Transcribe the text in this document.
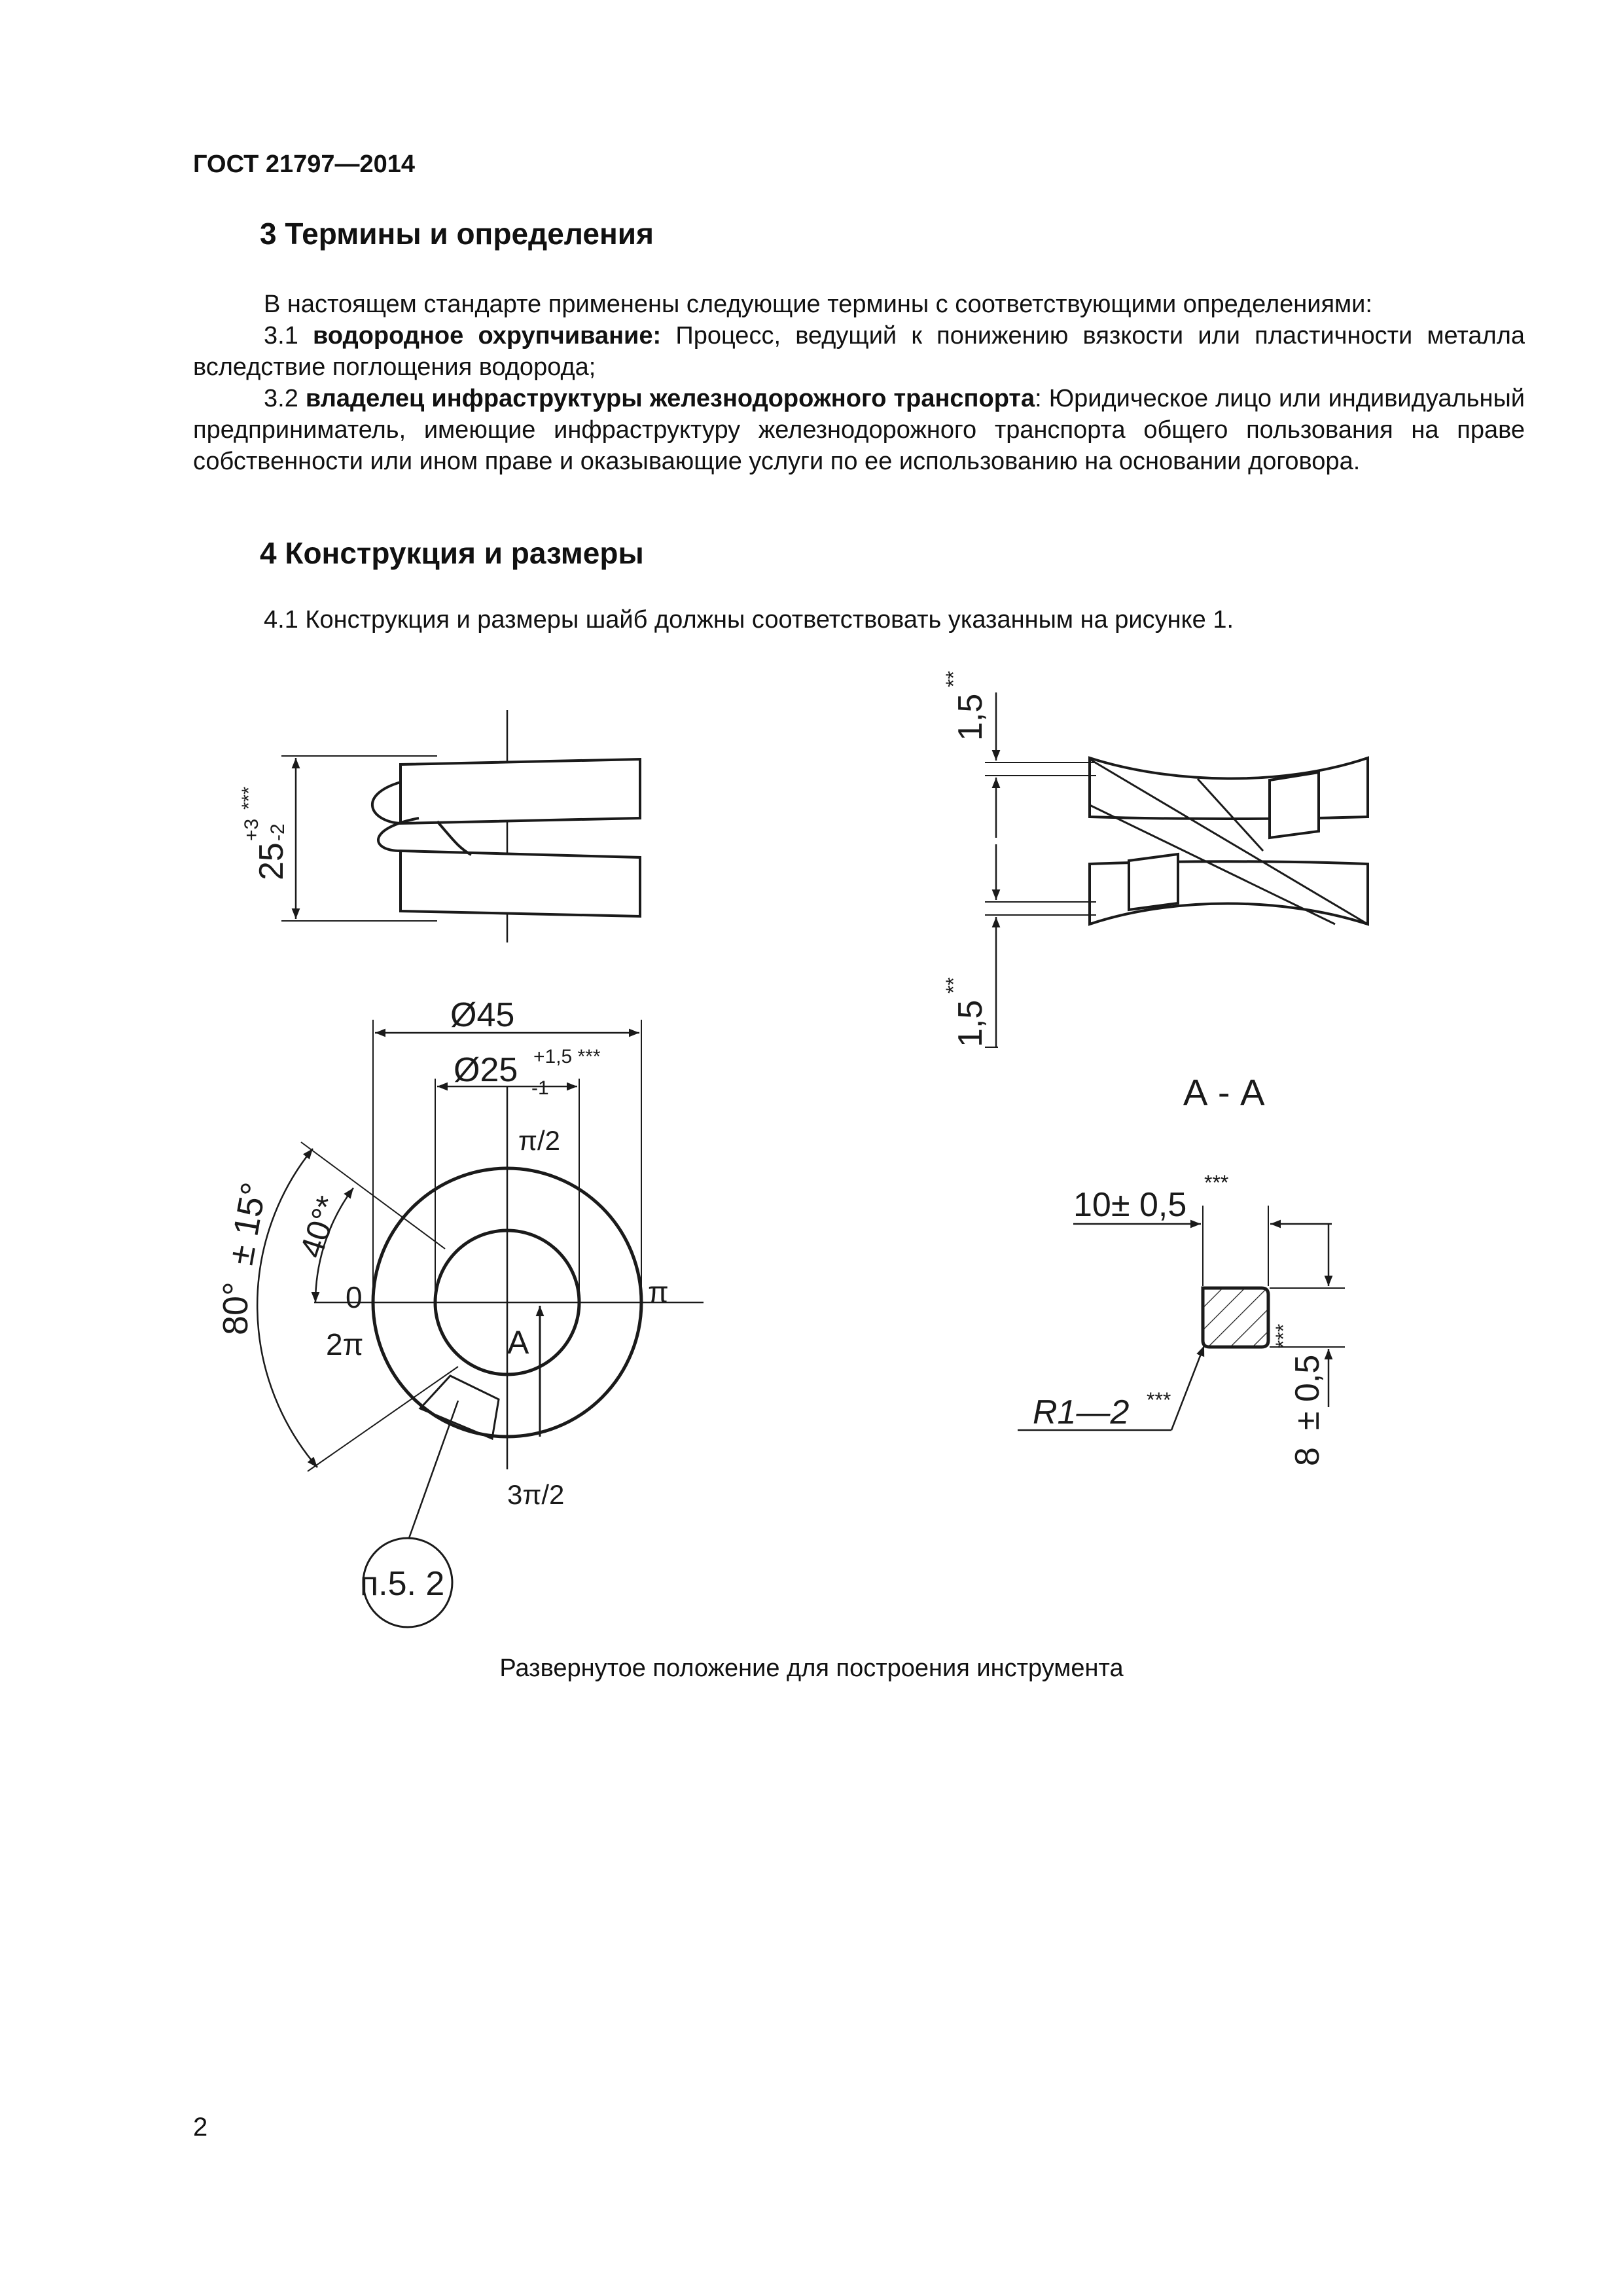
ГОСТ 21797—2014
3 Термины и определения

В настоящем стандарте применены следующие термины с соответствующими определениями:

3.1 водородное охрупчивание: Процесс, ведущий к понижению вязкости или пластичности металла вследствие поглощения водорода;

3.2 владелец инфраструктуры железнодорожного транспорта: Юридическое лицо или индивидуальный предприниматель, имеющие инфраструктуру железнодорожного транспорта общего пользования на праве собственности или ином праве и оказывающие услуги по ее использованию на основании договора.

4 Конструкция и размеры
4.1 Конструкция и размеры шайб должны соответствовать указанным на рисунке 1.
25
+3 -2
***
Ø45
Ø25 +1,5 ***
-1
π/2
0
2π
π
3π/2
А
40°*
80°
± 15°
п.5. 2
1,5
**
1,5
**
А - А
10 ± 0,5
***
8
± 0,5
***
R1—2 ***
Развернутое положение для построения инструмента
2
